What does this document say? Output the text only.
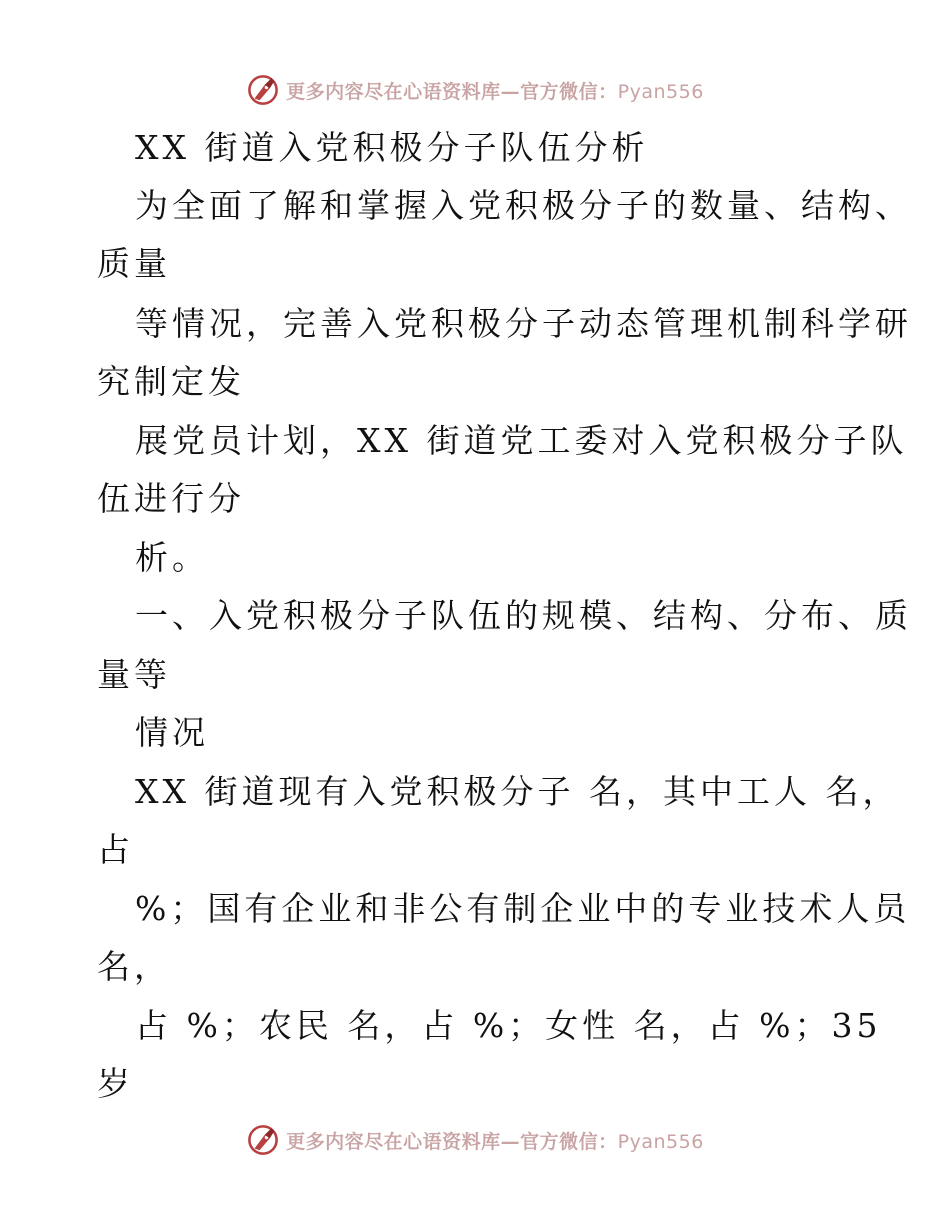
更多内容尽在心语资料库—官方微信：Pyan556
XX 街道入党积极分子队伍分析
为全面了解和掌握入党积极分子的数量、结构、
质量
等情况，完善入党积极分子动态管理机制科学研
究制定发
展党员计划，XX 街道党工委对入党积极分子队
伍进行分
析。
一、入党积极分子队伍的规模、结构、分布、质
量等
情况
XX 街道现有入党积极分子 名，其中工人 名，
占
%；国有企业和非公有制企业中的专业技术人员
名，
占 %；农民 名，占 %；女性 名，占 %；35
岁
更多内容尽在心语资料库—官方微信：Pyan556
